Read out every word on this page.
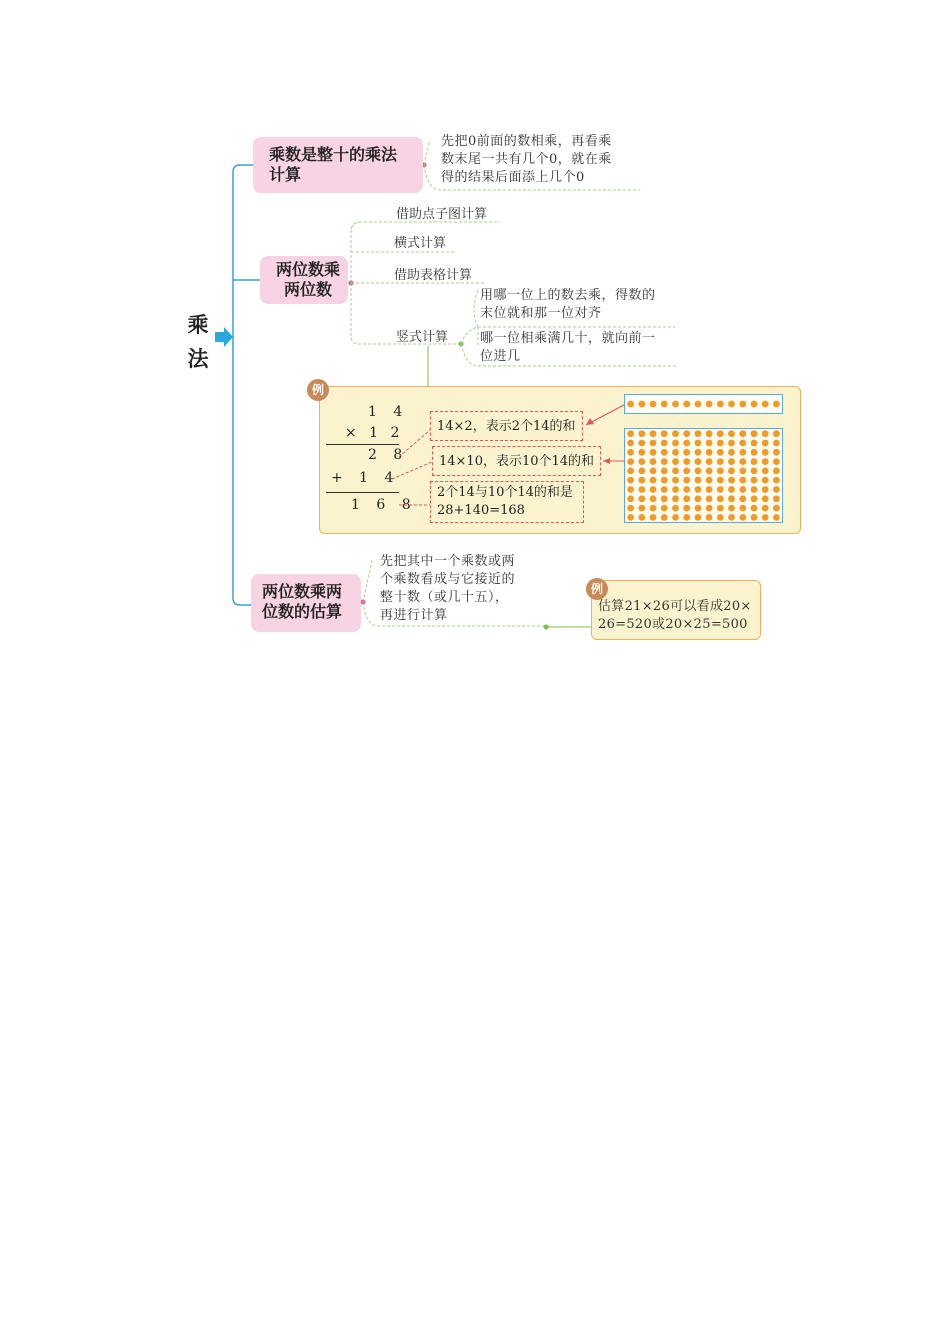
乘
法
乘数是整十的乘法
计算
两位数乘
两位数
两位数乘两
位数的估算
先把0前面的数相乘，再看乘
数末尾一共有几个0，就在乘
得的结果后面添上几个0
借助点子图计算
横式计算
借助表格计算
竖式计算
用哪一位上的数去乘，得数的
末位就和那一位对齐
哪一位相乘满几十，就向前一
位进几
例
1 4
× 1 2
2 8
+ 1 4
1 6 8
14×2，表示2个14的和
14×10，表示10个14的和
2个14与10个14的和是
28+140=168
先把其中一个乘数或两
个乘数看成与它接近的
整十数（或几十五），
再进行计算
例
估算21×26可以看成20×
26=520或20×25=500
